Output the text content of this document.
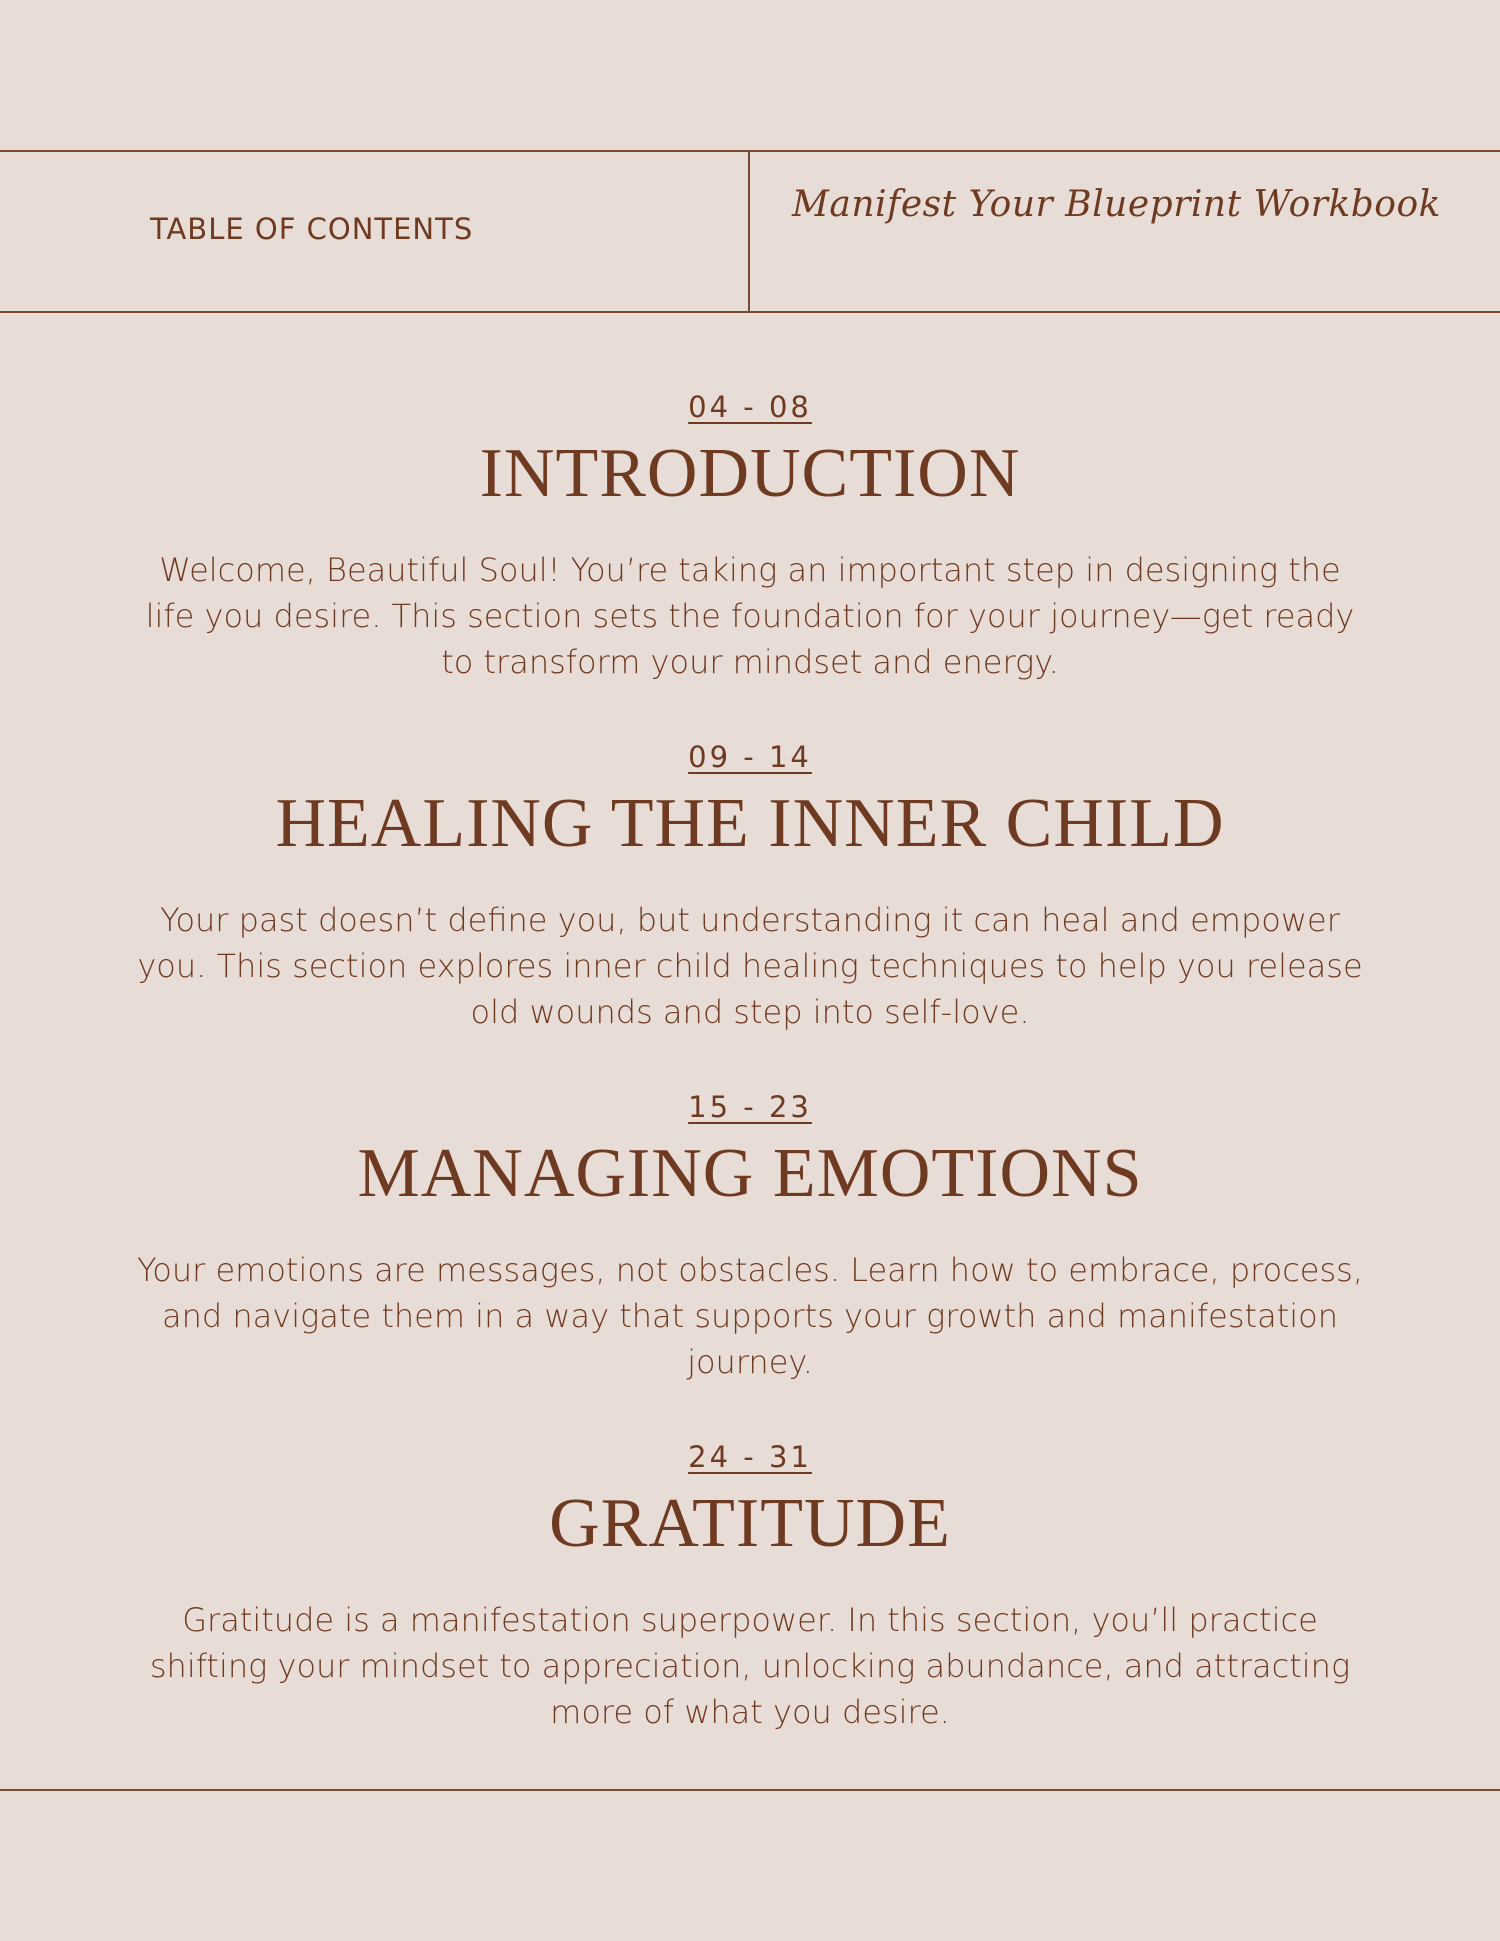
TABLE OF CONTENTS
Manifest Your Blueprint Workbook
04 - 08
INTRODUCTION
Welcome, Beautiful Soul! You’re taking an important step in designing the life you desire. This section sets the foundation for your journey—get ready to transform your mindset and energy.
09 - 14
HEALING THE INNER CHILD
Your past doesn’t define you, but understanding it can heal and empower you. This section explores inner child healing techniques to help you release old wounds and step into self-love.
15 - 23
MANAGING EMOTIONS
Your emotions are messages, not obstacles. Learn how to embrace, process, and navigate them in a way that supports your growth and manifestation journey.
24 - 31
GRATITUDE
Gratitude is a manifestation superpower. In this section, you’ll practice shifting your mindset to appreciation, unlocking abundance, and attracting more of what you desire.
